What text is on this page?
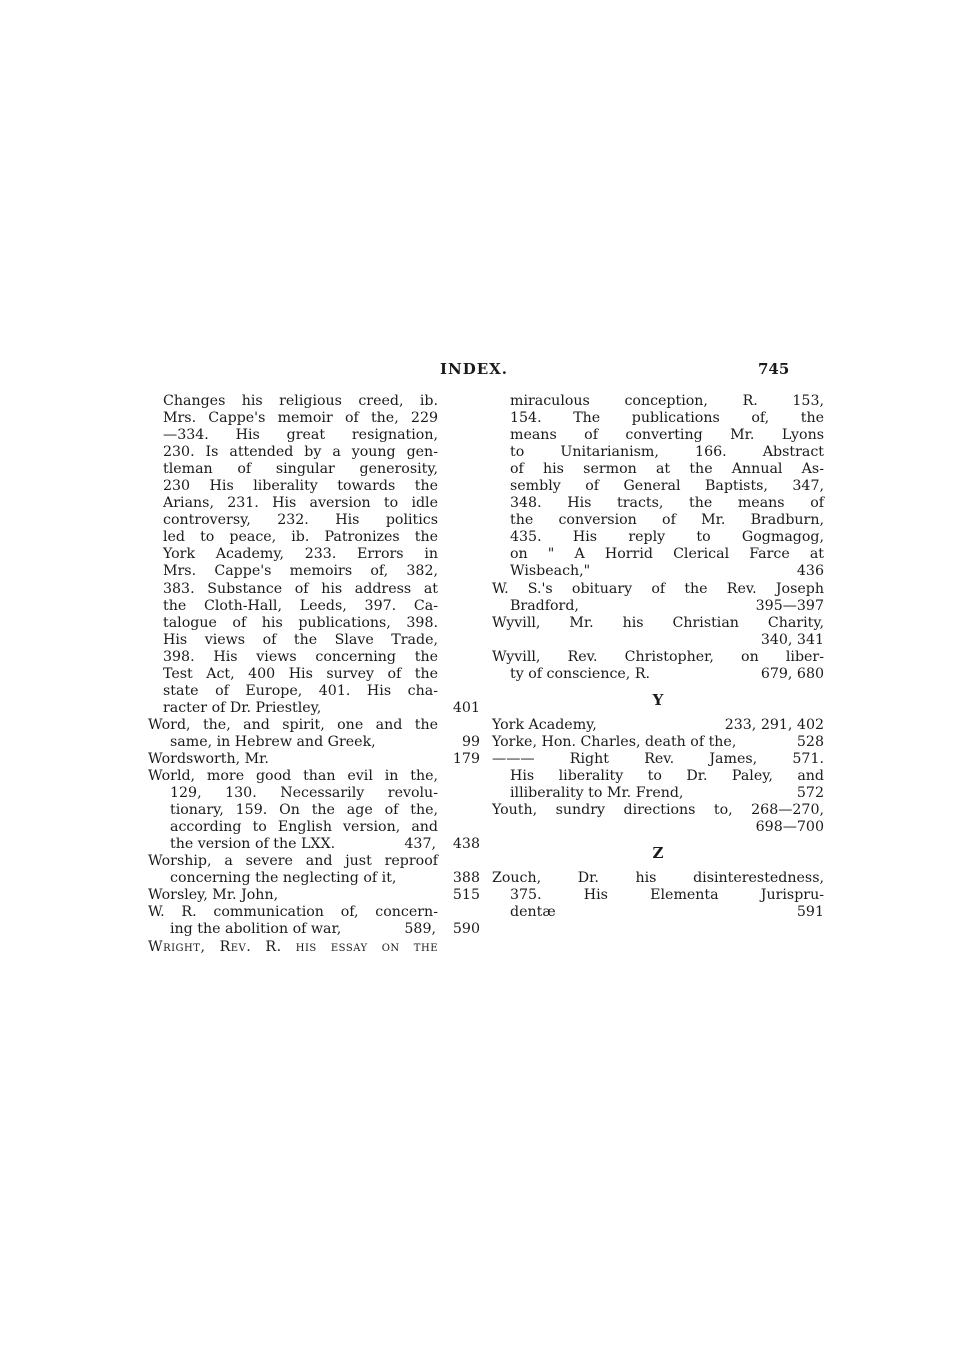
INDEX.	745
Changes his religious creed, ib.
Mrs. Cappe's memoir of the, 229
—334. His great resignation,
230. Is attended by a young gen-
tleman of singular generosity,
230 His liberality towards the
Arians, 231. His aversion to idle
controversy, 232. His politics
led to peace, ib. Patronizes the
York Academy, 233. Errors in
Mrs. Cappe's memoirs of, 382,
383. Substance of his address at
the Cloth-Hall, Leeds, 397. Ca-
talogue of his publications, 398.
His views of the Slave Trade,
398. His views concerning the
Test Act, 400 His survey of the
state of Europe, 401. His cha-
racter of Dr. Priestley,	401
Word, the, and spirit, one and the
same, in Hebrew and Greek,	99
Wordsworth, Mr.	179
World, more good than evil in the,
129, 130. Necessarily revolu-
tionary, 159. On the age of the,
according to English version, and
the version of the LXX.	437, 438
Worship, a severe and just reproof
concerning the neglecting of it,	388
Worsley, Mr. John,	515
W. R. communication of, concern-
ing the abolition of war,	589, 590
Wright, Rev. R. his essay on the
miraculous conception, R. 153,
154. The publications of, the
means of converting Mr. Lyons
to Unitarianism, 166. Abstract
of his sermon at the Annual As-
sembly of General Baptists, 347,
348. His tracts, the means of
the conversion of Mr. Bradburn,
435. His reply to Gogmagog,
on " A Horrid Clerical Farce at
Wisbeach,"	436
W. S.'s obituary of the Rev. Joseph
Bradford,	395—397
Wyvill, Mr. his Christian Charity,
340, 341
Wyvill, Rev. Christopher, on liber-
ty of conscience, R.	679, 680
Y
York Academy,	233, 291, 402
Yorke, Hon. Charles, death of the,	528
——— Right Rev. James, 571.
His liberality to Dr. Paley, and
illiberality to Mr. Frend,	572
Youth, sundry directions to, 268—270,
698—700
Z
Zouch, Dr. his disinterestedness,
375. His Elementa Jurispru-
dentæ	591
